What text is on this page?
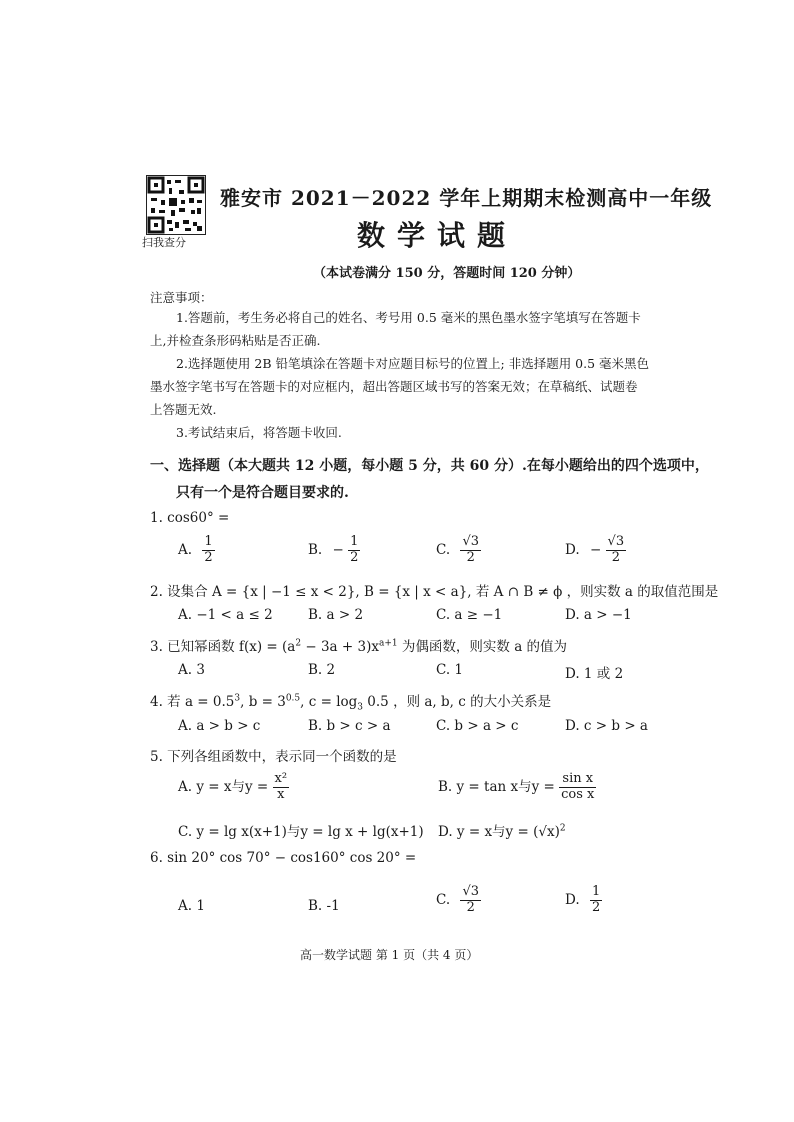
扫我查分
雅安市 2021－2022 学年上期期末检测高中一年级
数学试题
（本试卷满分 150 分，答题时间 120 分钟）
注意事项：
1.答题前，考生务必将自己的姓名、考号用 0.5 毫米的黑色墨水签字笔填写在答题卡
上,并检查条形码粘贴是否正确.
2.选择题使用 2B 铅笔填涂在答题卡对应题目标号的位置上; 非选择题用 0.5 毫米黑色
墨水签字笔书写在答题卡的对应框内，超出答题区域书写的答案无效；在草稿纸、试题卷
上答题无效.
3.考试结束后，将答题卡收回.
一、选择题（本大题共 12 小题，每小题 5 分，共 60 分）.在每小题给出的四个选项中，
只有一个是符合题目要求的.
1. cos60° =
A. $\frac{1}{2}$	B. − $\frac{1}{2}$	C. $\frac{√3}{2}$	D. − $\frac{√3}{2}$
2. 设集合 A = {x | −1 ≤ x < 2}, B = {x | x < a}, 若 A ∩ B ≠ ϕ ，则实数 a 的取值范围是
A. −1 < a ≤ 2	B. a > 2	C. a ≥ −1	D. a > −1
3. 已知幂函数 $f(x) = (a^2 - 3a + 3)x^{a+1}$ 为偶函数，则实数 a 的值为
A. 3	B. 2	C. 1	D. 1 或 2
4. 若 $a = 0.5^3$, $b = 3^{0.5}$, $c = \log_3 0.5$ ，则 a, b, c 的大小关系是
A. a > b > c	B. b > c > a	C. b > a > c	D. c > b > a
5. 下列各组函数中，表示同一个函数的是
A. y = x与$y = \frac{\text{x²}}{x}$	B. y = tan x与$y = \frac{\text{sin x}}{\text{cos x}}$
C. y = lg x(x+1)与y = lg x + lg(x+1) D. y = x与$y = (√x)^2$
6. sin 20° cos 70° − cos160° cos 20° =
A. 1	B. -1	C. $\frac{√3}{2}$	D. $\frac{1}{2}$
高一数学试题 第 1 页（共 4 页）
